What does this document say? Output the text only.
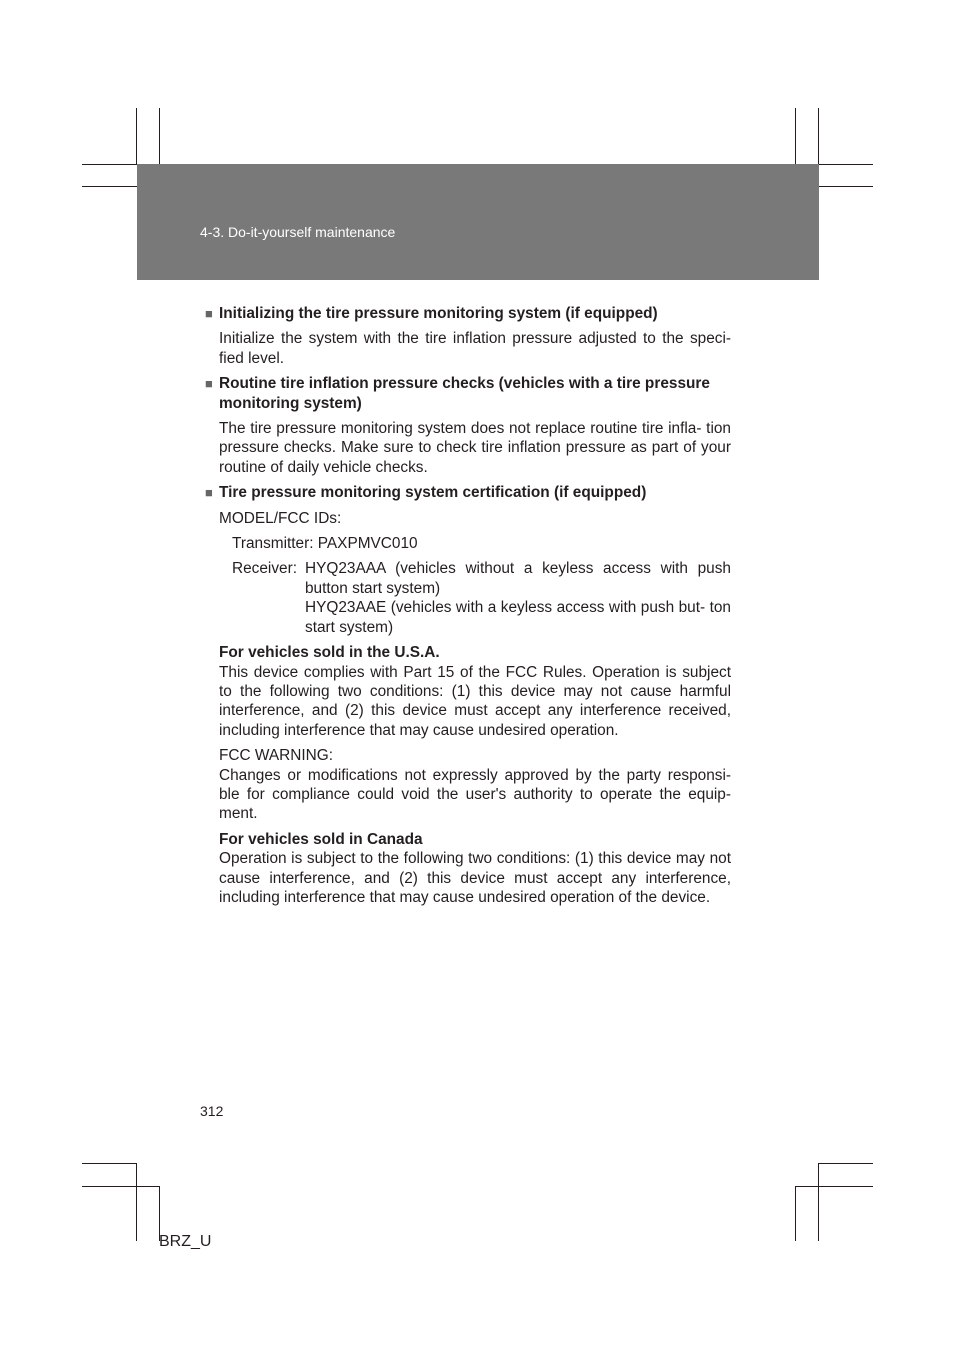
4-3. Do-it-yourself maintenance
■ Initializing the tire pressure monitoring system (if equipped)
Initialize the system with the tire inflation pressure adjusted to the speci- fied level.
■ Routine tire inflation pressure checks (vehicles with a tire pressure monitoring system)
The tire pressure monitoring system does not replace routine tire infla- tion pressure checks. Make sure to check tire inflation pressure as part of your routine of daily vehicle checks.
■ Tire pressure monitoring system certification (if equipped)
MODEL/FCC IDs:
Transmitter: PAXPMVC010
Receiver: HYQ23AAA (vehicles without a keyless access with push button start system)
HYQ23AAE (vehicles with a keyless access with push but- ton start system)
For vehicles sold in the U.S.A.
This device complies with Part 15 of the FCC Rules. Operation is subject to the following two conditions: (1) this device may not cause harmful interference, and (2) this device must accept any interference received, including interference that may cause undesired operation.
FCC WARNING:
Changes or modifications not expressly approved by the party responsi- ble for compliance could void the user's authority to operate the equip- ment.
For vehicles sold in Canada
Operation is subject to the following two conditions: (1) this device may not cause interference, and (2) this device must accept any interference, including interference that may cause undesired operation of the device.
312
BRZ_U
